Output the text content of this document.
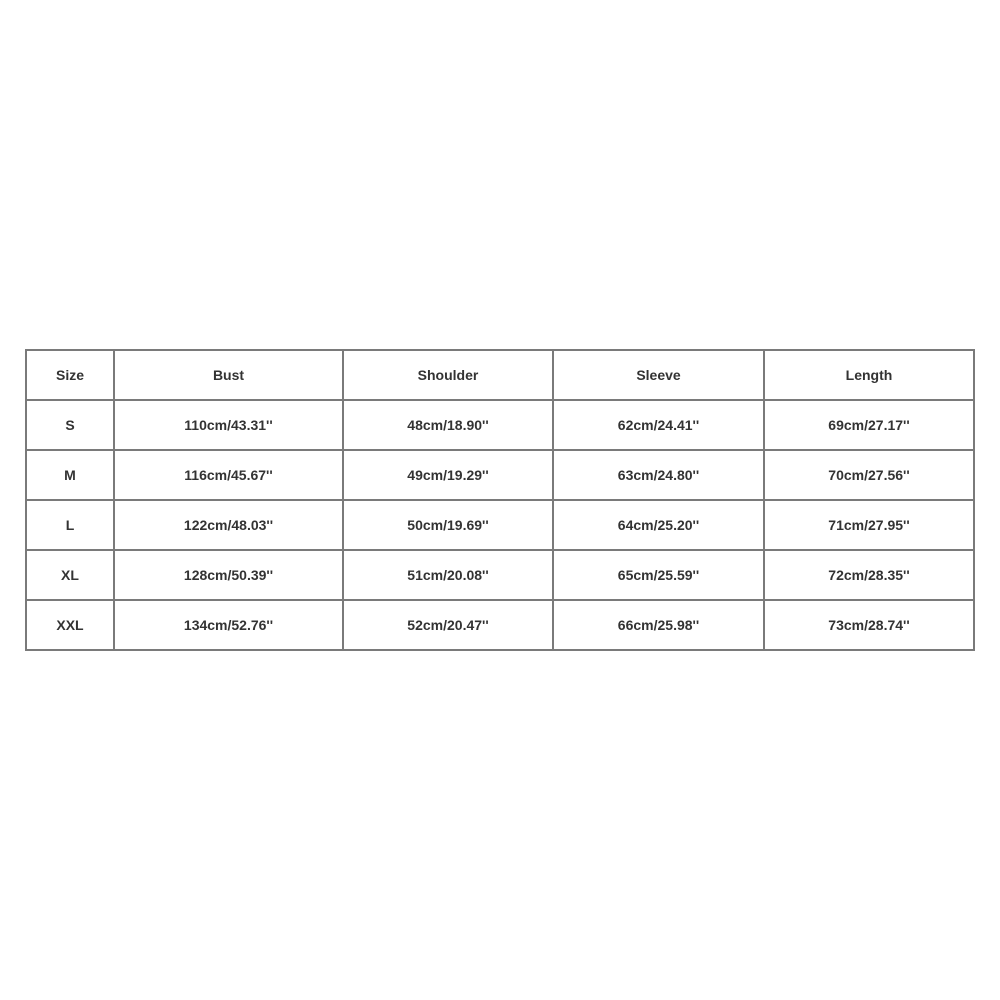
Size	Bust	Shoulder	Sleeve	Length
S	110cm/43.31''	48cm/18.90''	62cm/24.41''	69cm/27.17''
M	116cm/45.67''	49cm/19.29''	63cm/24.80''	70cm/27.56''
L	122cm/48.03''	50cm/19.69''	64cm/25.20''	71cm/27.95''
XL	128cm/50.39''	51cm/20.08''	65cm/25.59''	72cm/28.35''
XXL	134cm/52.76''	52cm/20.47''	66cm/25.98''	73cm/28.74''
